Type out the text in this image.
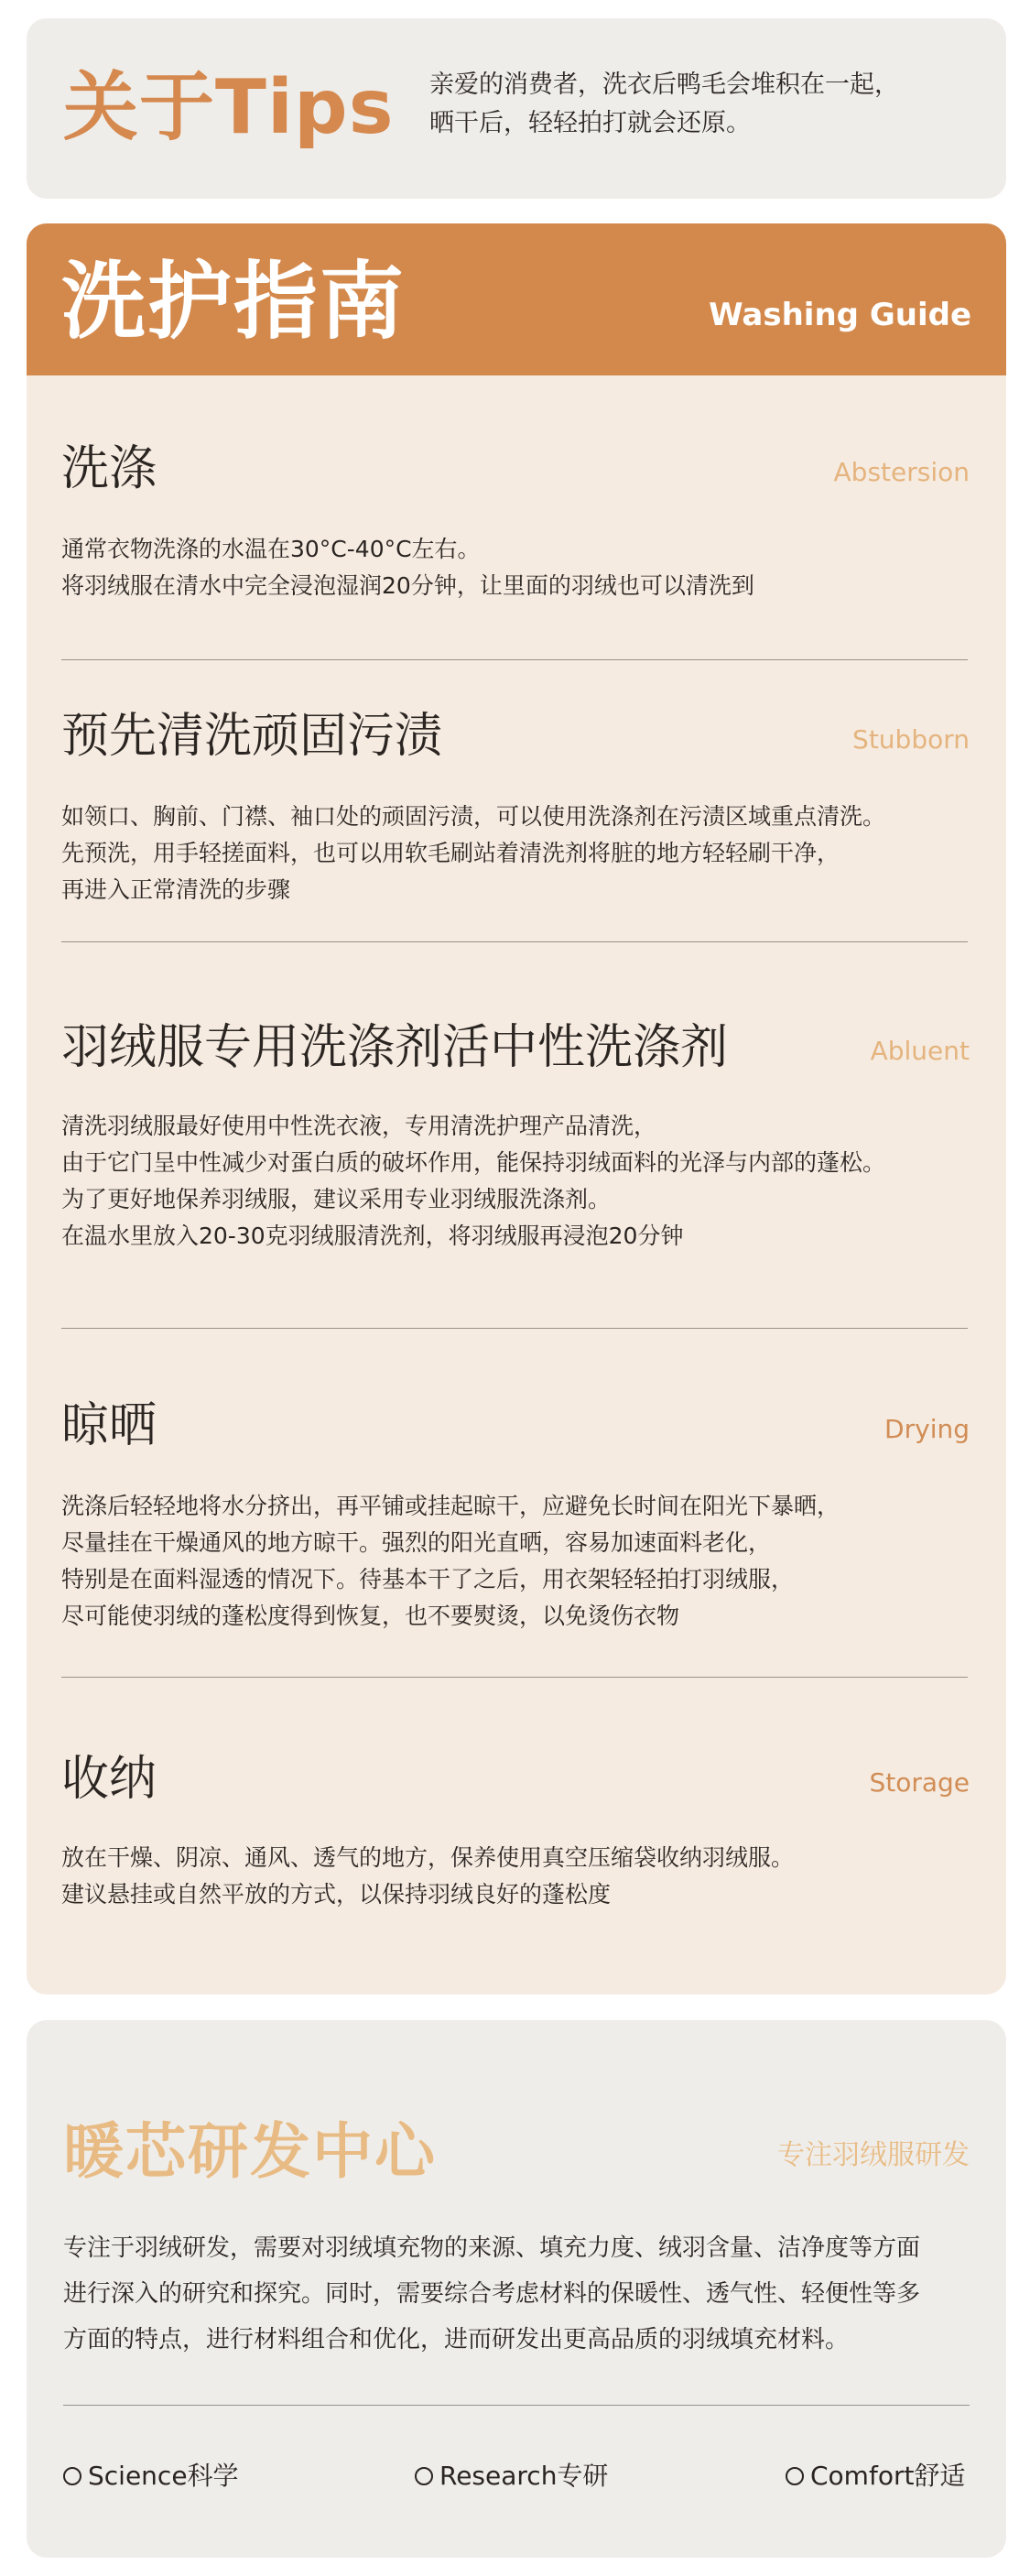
关于Tips 亲爱的消费者，洗衣后鸭毛会堆积在一起，
晒干后，轻轻拍打就会还原。
洗护指南	Washing Guide
洗涤	Abstersion
通常衣物洗涤的水温在30°C-40°C左右。
将羽绒服在清水中完全浸泡湿润20分钟，让里面的羽绒也可以清洗到
预先清洗顽固污渍	Stubborn
如领口、胸前、门襟、袖口处的顽固污渍，可以使用洗涤剂在污渍区域重点清洗。
先预洗，用手轻搓面料，也可以用软毛刷站着清洗剂将脏的地方轻轻刷干净，
再进入正常清洗的步骤
羽绒服专用洗涤剂活中性洗涤剂	Abluent
清洗羽绒服最好使用中性洗衣液，专用清洗护理产品清洗，
由于它门呈中性减少对蛋白质的破坏作用，能保持羽绒面料的光泽与内部的蓬松。
为了更好地保养羽绒服，建议采用专业羽绒服洗涤剂。
在温水里放入20-30克羽绒服清洗剂，将羽绒服再浸泡20分钟
晾晒	Drying
洗涤后轻轻地将水分挤出，再平铺或挂起晾干，应避免长时间在阳光下暴晒，
尽量挂在干燥通风的地方晾干。强烈的阳光直晒，容易加速面料老化，
特别是在面料湿透的情况下。待基本干了之后，用衣架轻轻拍打羽绒服，
尽可能使羽绒的蓬松度得到恢复，也不要熨烫，以免烫伤衣物
收纳	Storage
放在干燥、阴凉、通风、透气的地方，保养使用真空压缩袋收纳羽绒服。
建议悬挂或自然平放的方式，以保持羽绒良好的蓬松度
暖芯研发中心	专注羽绒服研发
专注于羽绒研发，需要对羽绒填充物的来源、填充力度、绒羽含量、洁净度等方面
进行深入的研究和探究。同时，需要综合考虑材料的保暖性、透气性、轻便性等多
方面的特点，进行材料组合和优化，进而研发出更高品质的羽绒填充材料。
Science科学	Research专研	Comfort舒适
